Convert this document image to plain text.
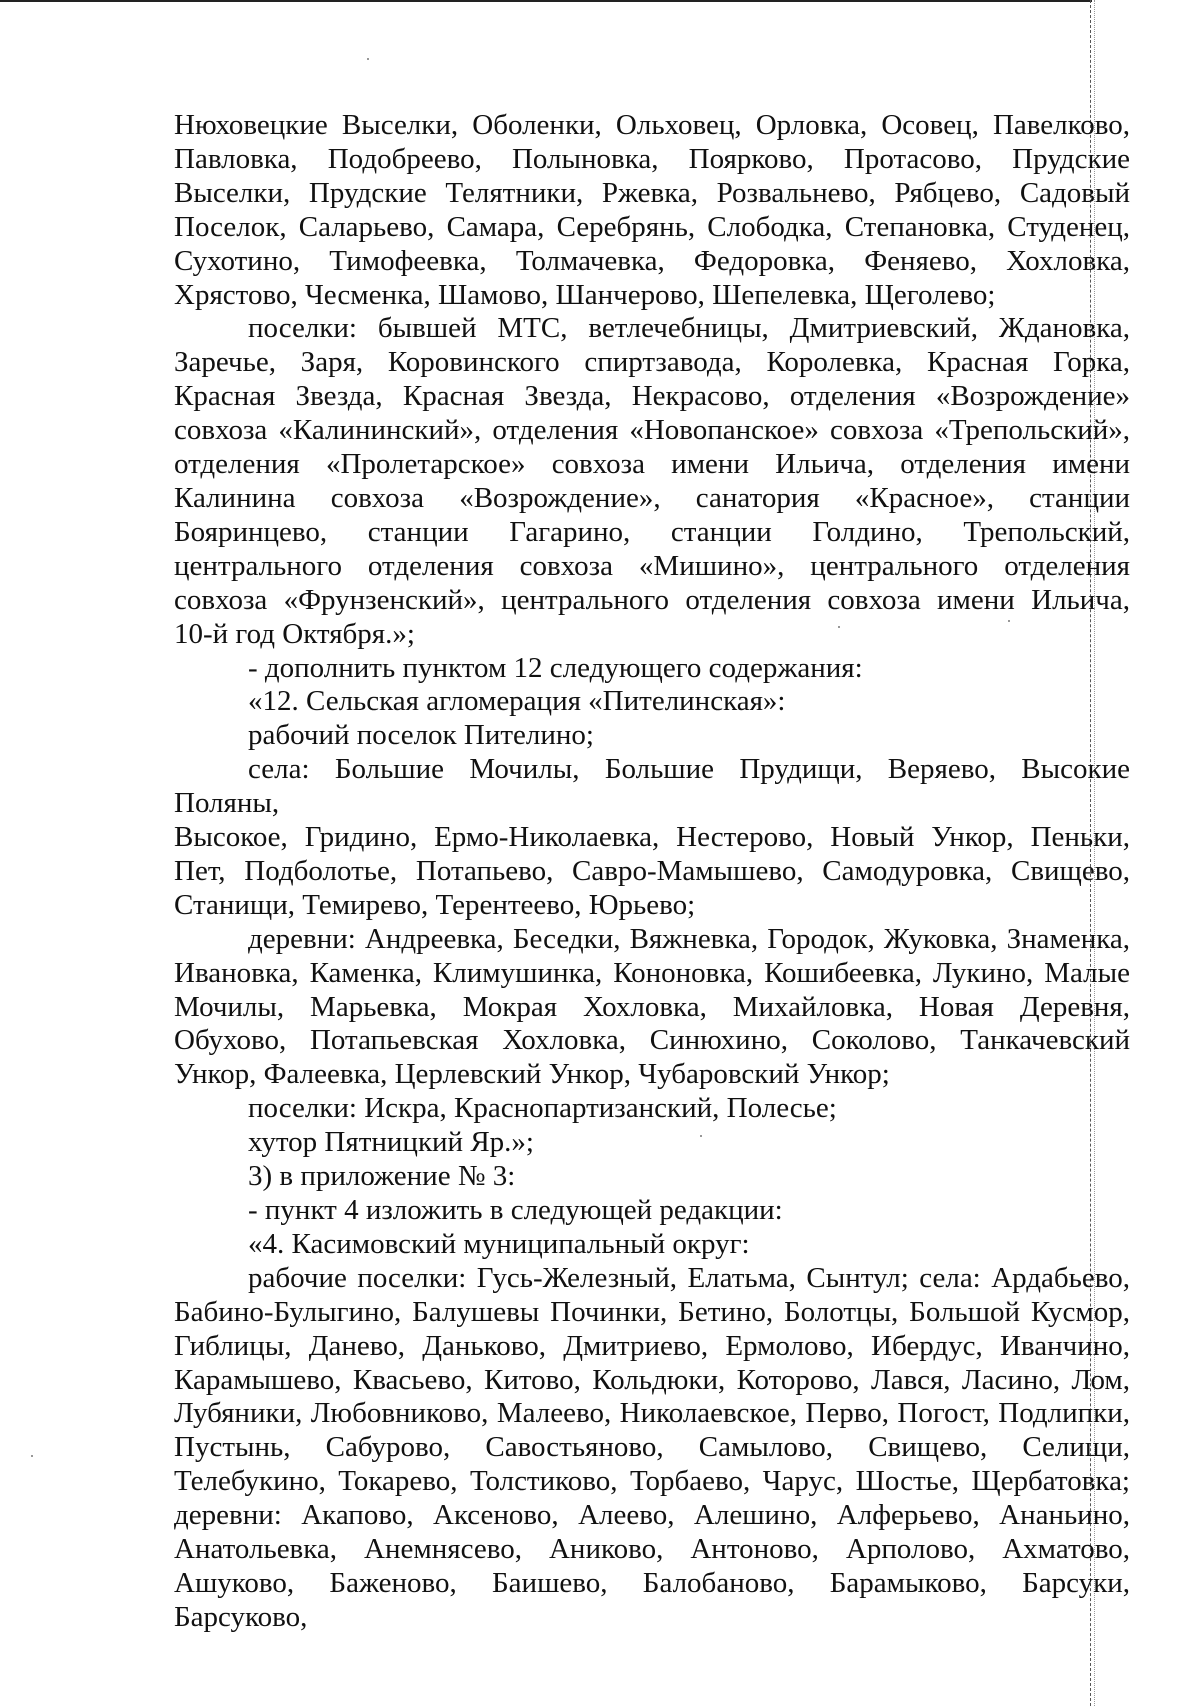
Нюховецкие Выселки, Оболенки, Ольховец, Орловка, Осовец, Павелково,

Павловка, Подобреево, Полыновка, Поярково, Протасово, Прудские

Выселки, Прудские Телятники, Ржевка, Розвальнево, Рябцево, Садовый

Поселок, Саларьево, Самара, Серебрянь, Слободка, Степановка, Студенец,

Сухотино, Тимофеевка, Толмачевка, Федоровка, Феняево, Хохловка,

Хрястово, Чесменка, Шамово, Шанчерово, Шепелевка, Щеголево;

поселки: бывшей МТС, ветлечебницы, Дмитриевский, Ждановка,

Заречье, Заря, Коровинского спиртзавода, Королевка, Красная Горка,

Красная Звезда, Красная Звезда, Некрасово, отделения «Возрождение»

совхоза «Калининский», отделения «Новопанское» совхоза «Трепольский»,

отделения «Пролетарское» совхоза имени Ильича, отделения имени

Калинина совхоза «Возрождение», санатория «Красное», станции

Бояринцево, станции Гагарино, станции Голдино, Трепольский,

центрального отделения совхоза «Мишино», центрального отделения

совхоза «Фрунзенский», центрального отделения совхоза имени Ильича,

10-й год Октября.»;

- дополнить пунктом 12 следующего содержания:

«12. Сельская агломерация «Пителинская»:

рабочий поселок Пителино;

села: Большие Мочилы, Большие Прудищи, Веряево, Высокие Поляны,

Высокое, Гридино, Ермо-Николаевка, Нестерово, Новый Ункор, Пеньки,

Пет, Подболотье, Потапьево, Савро-Мамышево, Самодуровка, Свищево,

Станищи, Темирево, Терентеево, Юрьево;

деревни: Андреевка, Беседки, Вяжневка, Городок, Жуковка, Знаменка,

Ивановка, Каменка, Климушинка, Кононовка, Кошибеевка, Лукино, Малые

Мочилы, Марьевка, Мокрая Хохловка, Михайловка, Новая Деревня,

Обухово, Потапьевская Хохловка, Синюхино, Соколово, Танкачевский

Ункор, Фалеевка, Церлевский Ункор, Чубаровский Ункор;

поселки: Искра, Краснопартизанский, Полесье;

хутор Пятницкий Яр.»;

3) в приложение № 3:

- пункт 4 изложить в следующей редакции:

«4. Касимовский муниципальный округ:

рабочие поселки: Гусь-Железный, Елатьма, Сынтул; села: Ардабьево,

Бабино-Булыгино, Балушевы Починки, Бетино, Болотцы, Большой Кусмор,

Гиблицы, Данево, Даньково, Дмитриево, Ермолово, Ибердус, Иванчино,

Карамышево, Квасьево, Китово, Кольдюки, Которово, Лався, Ласино, Лом,

Лубяники, Любовниково, Малеево, Николаевское, Перво, Погост, Подлипки,

Пустынь, Сабурово, Савостьяново, Самылово, Свищево, Селищи,

Телебукино, Токарево, Толстиково, Торбаево, Чарус, Шостье, Щербатовка;

деревни: Акапово, Аксеново, Алеево, Алешино, Алферьево, Ананьино,

Анатольевка, Анемнясево, Аниково, Антоново, Арполово, Ахматово,

Ашуково, Баженово, Баишево, Балобаново, Барамыково, Барсуки, Барсуково,
